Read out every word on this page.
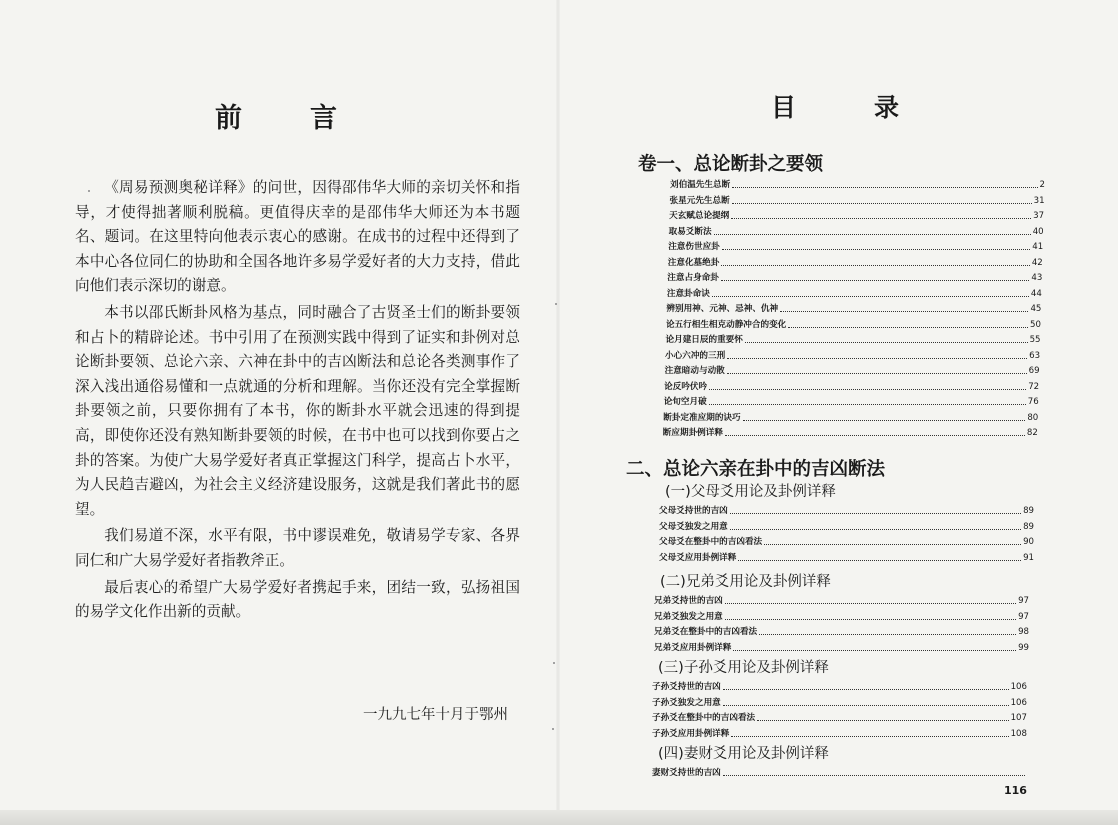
前言

《周易预测奥秘详释》的问世，因得邵伟华大师的亲切关怀和指导，才使得拙著顺利脱稿。更值得庆幸的是邵伟华大师还为本书题名、题词。在这里特向他表示衷心的感谢。在成书的过程中还得到了本中心各位同仁的协助和全国各地许多易学爱好者的大力支持，借此向他们表示深切的谢意。

本书以邵氏断卦风格为基点，同时融合了古贤圣士们的断卦要领和占卜的精辟论述。书中引用了在预测实践中得到了证实和卦例对总论断卦要领、总论六亲、六神在卦中的吉凶断法和总论各类测事作了深入浅出通俗易懂和一点就通的分析和理解。当你还没有完全掌握断卦要领之前，只要你拥有了本书，你的断卦水平就会迅速的得到提高，即使你还没有熟知断卦要领的时候，在书中也可以找到你要占之卦的答案。为使广大易学爱好者真正掌握这门科学，提高占卜水平，为人民趋吉避凶，为社会主义经济建设服务，这就是我们著此书的愿望。

我们易道不深，水平有限，书中谬误难免，敬请易学专家、各界同仁和广大易学爱好者指教斧正。

最后衷心的希望广大易学爱好者携起手来，团结一致，弘扬祖国的易学文化作出新的贡献。

一九九七年十月于鄂州
目录
卷一、总论断卦之要领
刘伯温先生总断	2
张星元先生总断	31
天玄赋总论提纲	37
取易爻断法	40
注意伤世应卦	41
注意化墓绝卦	42
注意占身命卦	43
注意卦命诀	44
辨别用神、元神、忌神、仇神	45
论五行相生相克动静冲合的变化	50
论月建日辰的重要怀	55
小心六冲的三刑	63
注意暗动与动散	69
论反吟伏吟	72
论旬空月破	76
断卦定准应期的诀巧	80
断应期卦例详释	82
二、总论六亲在卦中的吉凶断法
(一)父母爻用论及卦例详释
父母爻持世的吉凶	89
父母爻独发之用意	89
父母爻在整卦中的吉凶看法	90
父母爻应用卦例详释	91
(二)兄弟爻用论及卦例详释
兄弟爻持世的吉凶	97
兄弟爻独发之用意	97
兄弟爻在整卦中的吉凶看法	98
兄弟爻应用卦例详释	99
(三)子孙爻用论及卦例详释
子孙爻持世的吉凶	106
子孙爻独发之用意	106
子孙爻在整卦中的吉凶看法	107
子孙爻应用卦例详释	108
(四)妻财爻用论及卦例详释
妻财爻持世的吉凶
116
